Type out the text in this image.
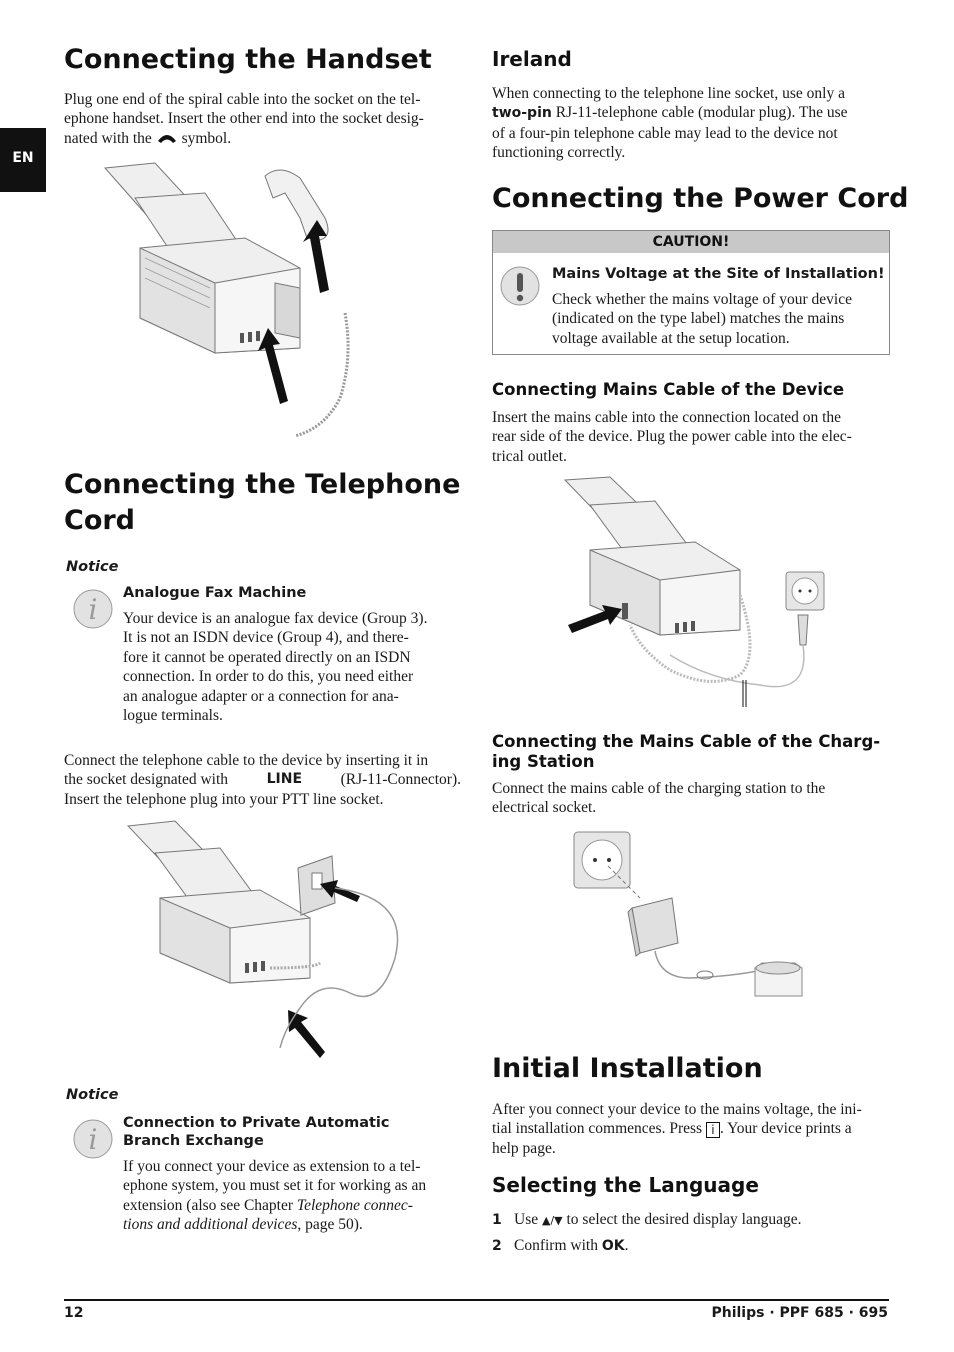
EN
Connecting the Handset
Plug one end of the spiral cable into the socket on the tel-
ephone handset. Insert the other end into the socket desig-
nated with the symbol.
Connecting the Telephone
Cord
Notice
i Analogue Fax Machine
Your device is an analogue fax device (Group 3).
It is not an ISDN device (Group 4), and there-
fore it cannot be operated directly on an ISDN
connection. In order to do this, you need either
an analogue adapter or a connection for ana-
logue terminals.
Connect the telephone cable to the device by inserting it in
the socket designated with	LINE (RJ-11-Connector).
Insert the telephone plug into your PTT line socket.
Notice
i Connection to Private Automatic
Branch Exchange
If you connect your device as extension to a tel-
ephone system, you must set it for working as an
extension (also see Chapter Telephone connec-
tions and additional devices, page 50).
Ireland
When connecting to the telephone line socket, use only a
two-pin RJ-11-telephone cable (modular plug). The use
of a four-pin telephone cable may lead to the device not
functioning correctly.
Connecting the Power Cord
CAUTION!
Mains Voltage at the Site of Installation!
Check whether the mains voltage of your device
(indicated on the type label) matches the mains
voltage available at the setup location.
Connecting Mains Cable of the Device
Insert the mains cable into the connection located on the
rear side of the device. Plug the power cable into the elec-
trical outlet.
Connecting the Mains Cable of the Charg-
ing Station
Connect the mains cable of the charging station to the
electrical socket.
Initial Installation
After you connect your device to the mains voltage, the ini-
tial installation commences. Press i . Your device prints a
help page.
Selecting the Language
1 Use ▲/▼ to select the desired display language.
2 Confirm with OK.
12	Philips · PPF 685 · 695
